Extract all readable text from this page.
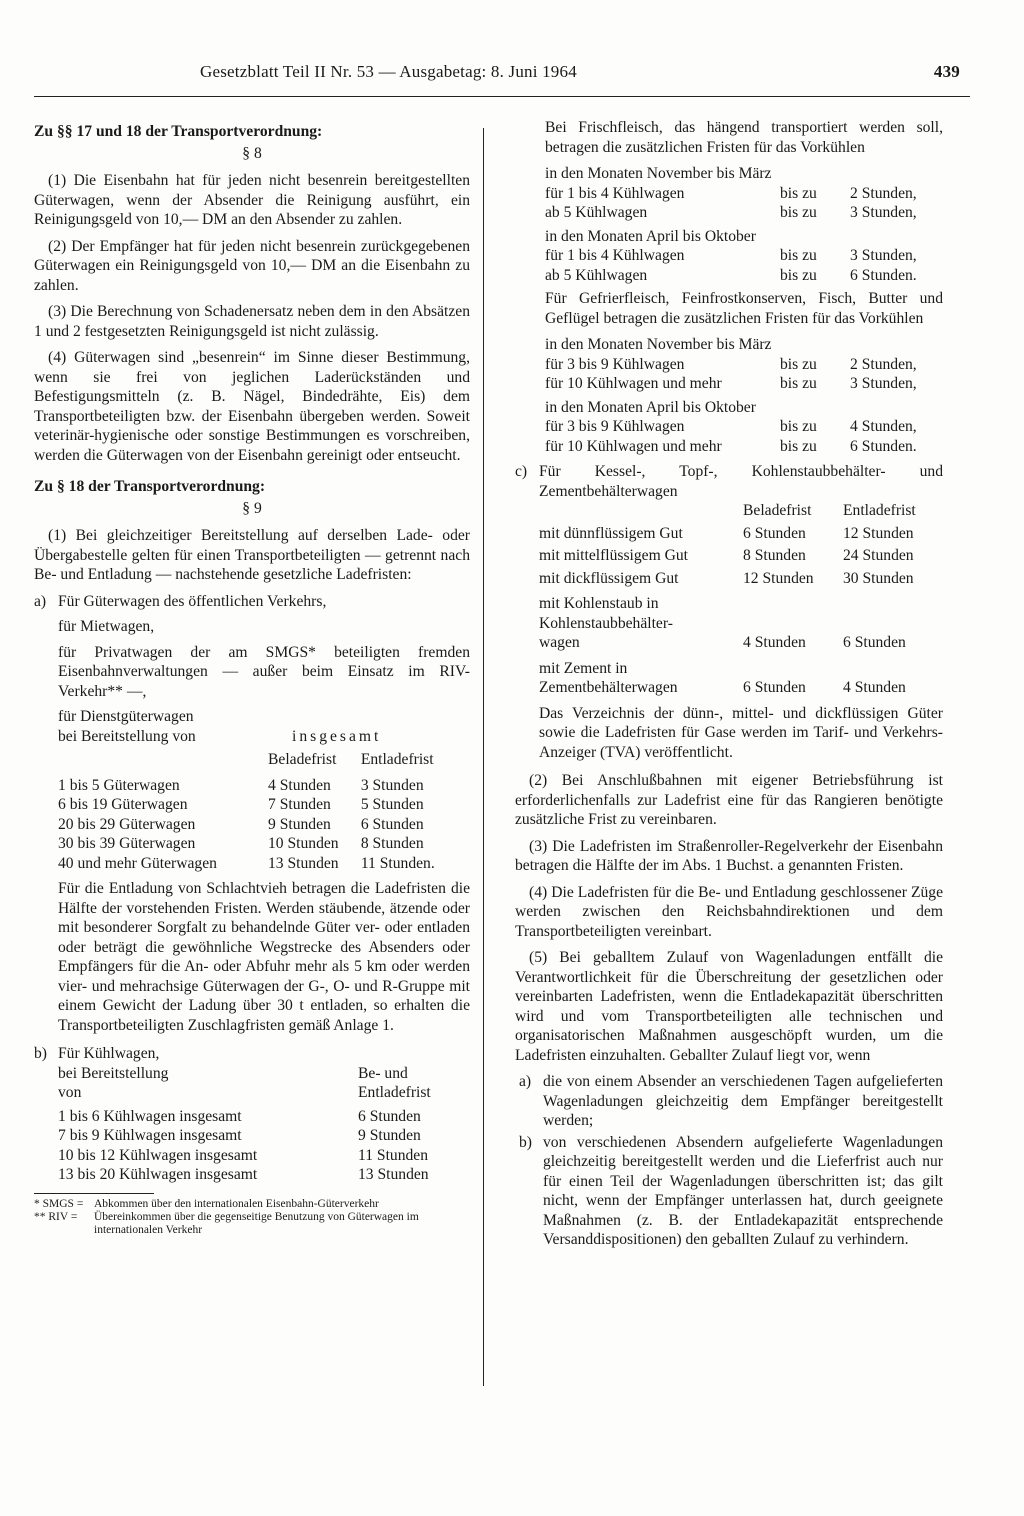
Gesetzblatt Teil II Nr. 53 — Ausgabetag: 8. Juni 1964	439
Zu §§ 17 und 18 der Transportverordnung:
§ 8

(1) Die Eisenbahn hat für jeden nicht besenrein bereitgestellten Güterwagen, wenn der Absender die Reinigung ausführt, ein Reinigungsgeld von 10,— DM an den Absender zu zahlen.

(2) Der Empfänger hat für jeden nicht besenrein zurückgegebenen Güterwagen ein Reinigungsgeld von 10,— DM an die Eisenbahn zu zahlen.

(3) Die Berechnung von Schadenersatz neben dem in den Absätzen 1 und 2 festgesetzten Reinigungsgeld ist nicht zulässig.

(4) Güterwagen sind „besenrein“ im Sinne dieser Bestimmung, wenn sie frei von jeglichen Laderückständen und Befestigungsmitteln (z. B. Nägel, Bindedrähte, Eis) dem Transportbeteiligten bzw. der Eisenbahn übergeben werden. Soweit veterinär-hygienische oder sonstige Bestimmungen es vorschreiben, werden die Güterwagen von der Eisenbahn gereinigt oder entseucht.

Zu § 18 der Transportverordnung:
§ 9

(1) Bei gleichzeitiger Bereitstellung auf derselben Lade- oder Übergabestelle gelten für einen Transportbeteiligten — getrennt nach Be- und Entladung — nachstehende gesetzliche Ladefristen:

a) Für Güterwagen des öffentlichen Verkehrs,
für Mietwagen,
für Privatwagen der am SMGS* beteiligten fremden Eisenbahnverwaltungen — außer beim Einsatz im RIV-Verkehr** —,
für Dienstgüterwagen
bei Bereitstellung von	insgesamt	
	Beladefrist	Entladefrist
1 bis 5 Güterwagen	4 Stunden	3 Stunden
6 bis 19 Güterwagen	7 Stunden	5 Stunden
20 bis 29 Güterwagen	9 Stunden	6 Stunden
30 bis 39 Güterwagen	10 Stunden	8 Stunden
40 und mehr Güterwagen	13 Stunden	11 Stunden.

Für die Entladung von Schlachtvieh betragen die Ladefristen die Hälfte der vorstehenden Fristen. Werden stäubende, ätzende oder mit besonderer Sorgfalt zu behandelnde Güter ver- oder entladen oder beträgt die gewöhnliche Wegstrecke des Absenders oder Empfängers für die An- oder Abfuhr mehr als 5 km oder werden vier- und mehrachsige Güterwagen der G-, O- und R-Gruppe mit einem Gewicht der Ladung über 30 t entladen, so erhalten die Transportbeteiligten Zuschlagfristen gemäß Anlage 1.

b) Für Kühlwagen,	
bei Bereitstellung	Be- und
von	Entladefrist
1 bis 6 Kühlwagen insgesamt	6 Stunden
7 bis 9 Kühlwagen insgesamt	9 Stunden
10 bis 12 Kühlwagen insgesamt	11 Stunden
13 bis 20 Kühlwagen insgesamt	13 Stunden
* SMGS = Abkommen über den internationalen Eisenbahn-Güterverkehr
** RIV =	Übereinkommen über die gegenseitige Benutzung von Güterwagen im internationalen Verkehr

Bei Frischfleisch, das hängend transportiert werden soll, betragen die zusätzlichen Fristen für das Vorkühlen

in den Monaten November bis März
für 1 bis 4 Kühlwagen	bis zu	2 Stunden,
ab 5 Kühlwagen	bis zu	3 Stunden,
in den Monaten April bis Oktober
für 1 bis 4 Kühlwagen	bis zu	3 Stunden,
ab 5 Kühlwagen	bis zu	6 Stunden.

Für Gefrierfleisch, Feinfrostkonserven, Fisch, Butter und Geflügel betragen die zusätzlichen Fristen für das Vorkühlen

in den Monaten November bis März
für 3 bis 9 Kühlwagen	bis zu	2 Stunden,
für 10 Kühlwagen und mehr	bis zu	3 Stunden,
in den Monaten April bis Oktober
für 3 bis 9 Kühlwagen	bis zu	4 Stunden,
für 10 Kühlwagen und mehr	bis zu	6 Stunden.
c) Für Kessel-, Topf-, Kohlenstaubbehälter- und Zementbehälterwagen
	Beladefrist	Entladefrist
mit dünnflüssigem Gut	6 Stunden	12 Stunden
mit mittelflüssigem Gut	8 Stunden	24 Stunden
mit dickflüssigem Gut	12 Stunden	30 Stunden

mit Kohlenstaub in
Kohlenstaubbehälter-
wagen	4 Stunden	6 Stunden

mit Zement in
Zementbehälterwagen	6 Stunden	4 Stunden

Das Verzeichnis der dünn-, mittel- und dickflüssigen Güter sowie die Ladefristen für Gase werden im Tarif- und Verkehrs-Anzeiger (TVA) veröffentlicht.

(2) Bei Anschlußbahnen mit eigener Betriebsführung ist erforderlichenfalls zur Ladefrist eine für das Rangieren benötigte zusätzliche Frist zu vereinbaren.

(3) Die Ladefristen im Straßenroller-Regelverkehr der Eisenbahn betragen die Hälfte der im Abs. 1 Buchst. a genannten Fristen.

(4) Die Ladefristen für die Be- und Entladung geschlossener Züge werden zwischen den Reichsbahndirektionen und dem Transportbeteiligten vereinbart.

(5) Bei geballtem Zulauf von Wagenladungen entfällt die Verantwortlichkeit für die Überschreitung der gesetzlichen oder vereinbarten Ladefristen, wenn die Entladekapazität überschritten wird und vom Transportbeteiligten alle technischen und organisatorischen Maßnahmen ausgeschöpft wurden, um die Ladefristen einzuhalten. Geballter Zulauf liegt vor, wenn

a) die von einem Absender an verschiedenen Tagen aufgelieferten Wagenladungen gleichzeitig dem Empfänger bereitgestellt werden;
b) von verschiedenen Absendern aufgelieferte Wagenladungen gleichzeitig bereitgestellt werden und die Lieferfrist auch nur für einen Teil der Wagenladungen überschritten ist; das gilt nicht, wenn der Empfänger unterlassen hat, durch geeignete Maßnahmen (z. B. der Entladekapazität entsprechende Versanddispositionen) den geballten Zulauf zu verhindern.
